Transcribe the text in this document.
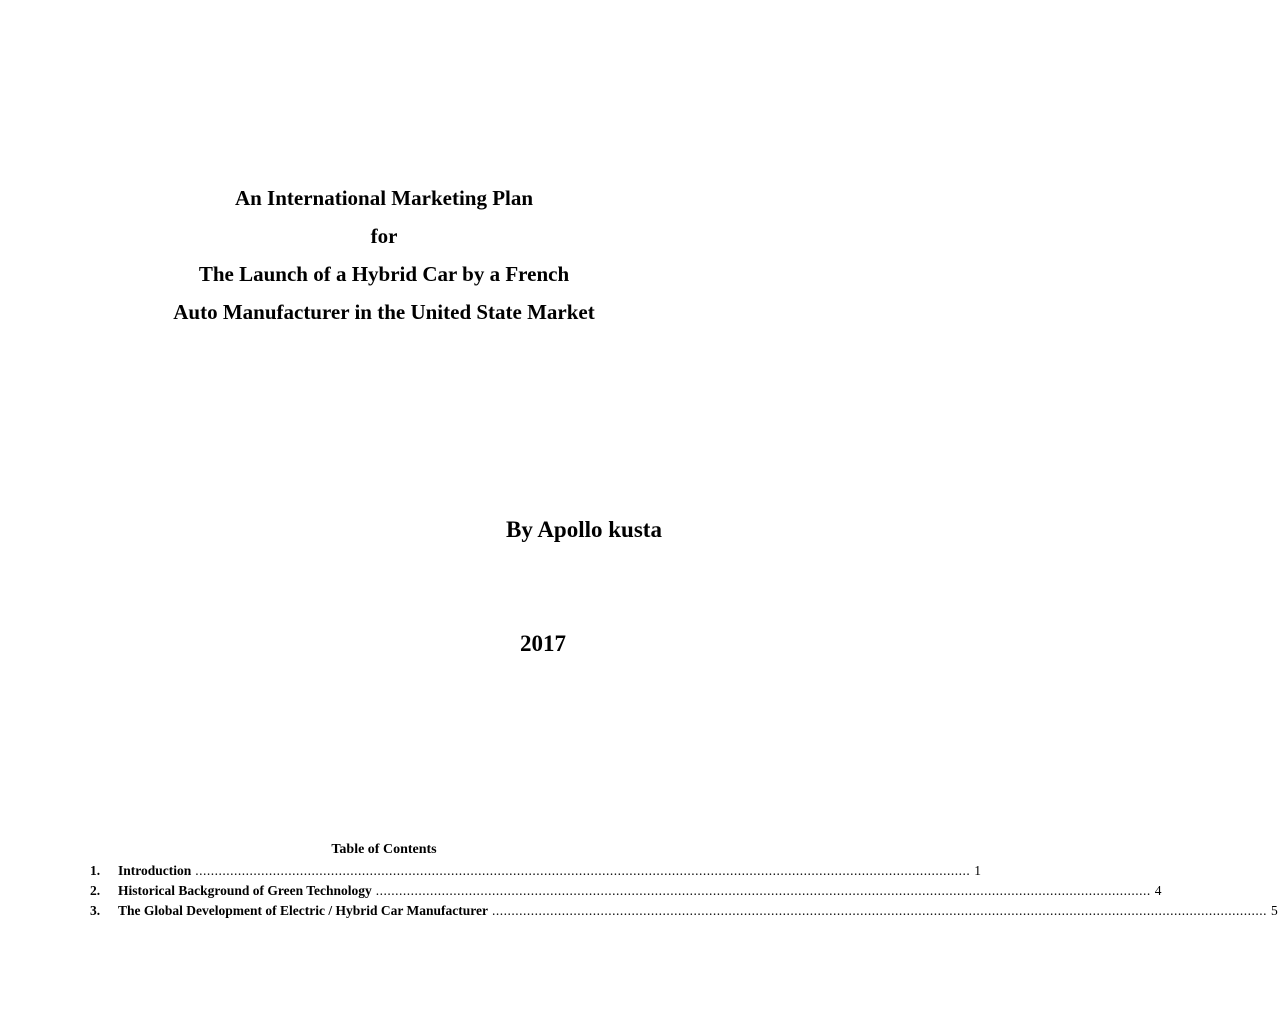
An International Marketing Plan
for
The Launch of a Hybrid Car by a French
Auto Manufacturer in the United State Market
By Apollo kusta
2017
Table of Contents
1.	Introduction ........................................................................................................................................................................................................ 1
2.	Historical Background of Green Technology ........................................................................................................................................................................................................ 4
3.	The Global Development of Electric / Hybrid Car Manufacturer ........................................................................................................................................................................................................ 5
